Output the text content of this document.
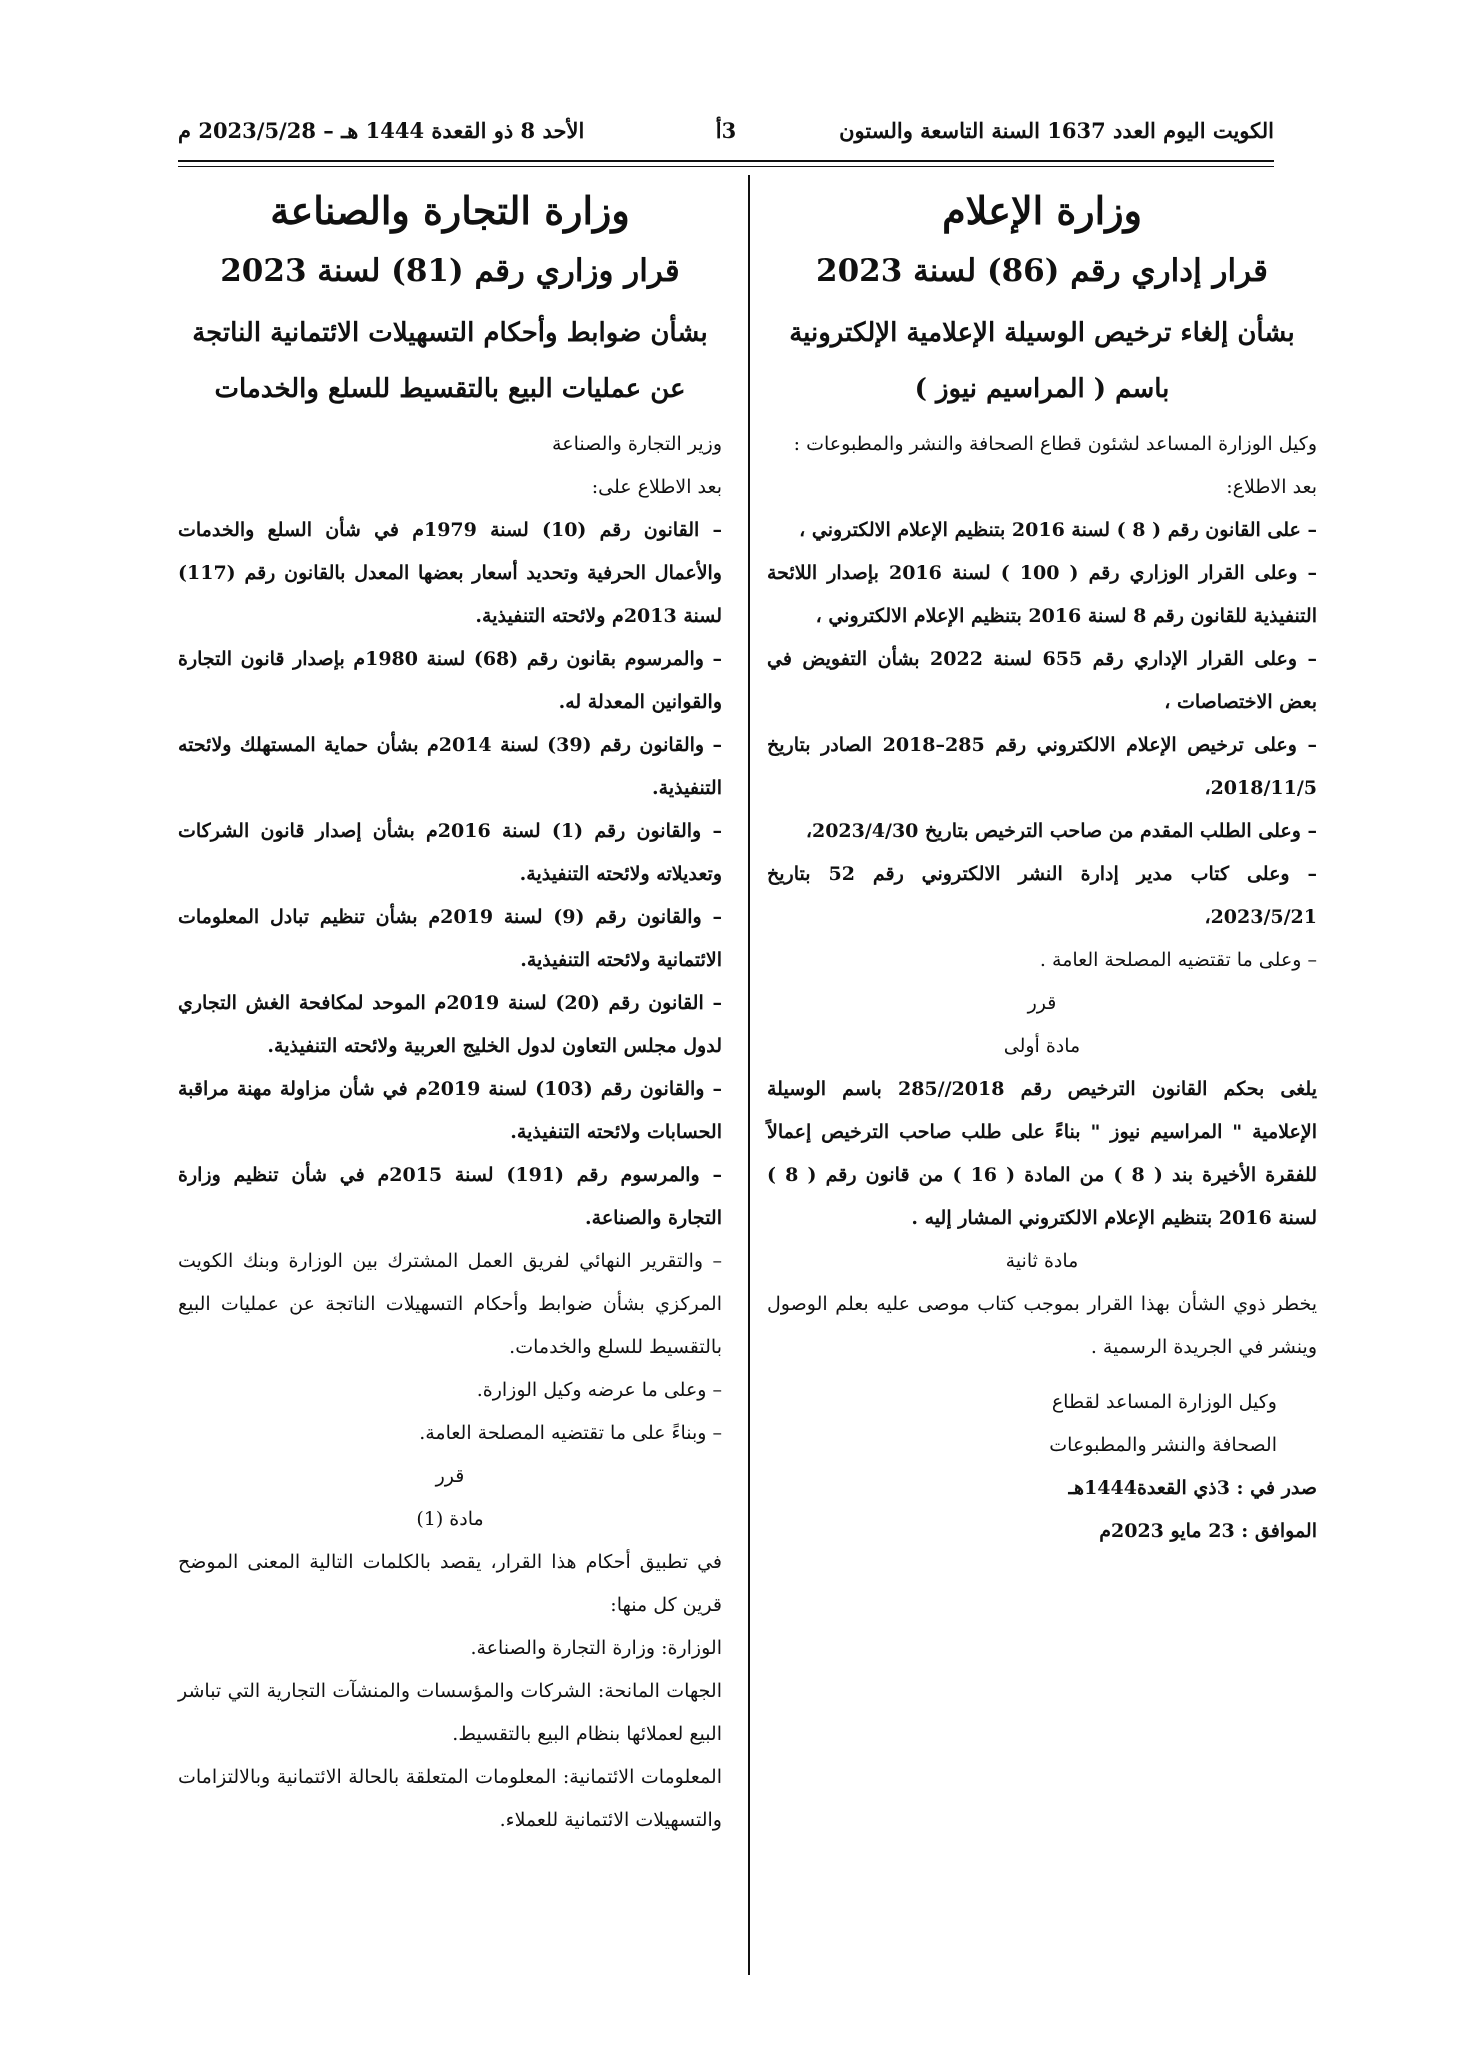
الكويت اليوم العدد 1637 السنة التاسعة والستون
3أ
الأحد 8 ذو القعدة 1444 هـ – 2023/5/28 م
وزارة الإعلام
قرار إداري رقم (86) لسنة 2023
بشأن إلغاء ترخيص الوسيلة الإعلامية الإلكترونية
باسم ( المراسيم نيوز )

وكيل الوزارة المساعد لشئون قطاع الصحافة والنشر والمطبوعات :

بعد الاطلاع:

– على القانون رقم ( 8 ) لسنة 2016 بتنظيم الإعلام الالكتروني ،

– وعلى القرار الوزاري رقم ( 100 ) لسنة 2016 بإصدار اللائحة التنفيذية للقانون رقم 8 لسنة 2016 بتنظيم الإعلام الالكتروني ،

– وعلى القرار الإداري رقم 655 لسنة 2022 بشأن التفويض في بعض الاختصاصات ،

– وعلى ترخيص الإعلام الالكتروني رقم 285–2018 الصادر بتاريخ 2018/11/5،

– وعلى الطلب المقدم من صاحب الترخيص بتاريخ 2023/4/30،

– وعلى كتاب مدير إدارة النشر الالكتروني رقم 52 بتاريخ 2023/5/21،

– وعلى ما تقتضيه المصلحة العامة .

قرر

مادة أولى

يلغى بحكم القانون الترخيص رقم 2018//285 باسم الوسيلة الإعلامية " المراسيم نيوز " بناءً على طلب صاحب الترخيص إعمالاً للفقرة الأخيرة بند ( 8 ) من المادة ( 16 ) من قانون رقم ( 8 ) لسنة 2016 بتنظيم الإعلام الالكتروني المشار إليه .

مادة ثانية

يخطر ذوي الشأن بهذا القرار بموجب كتاب موصى عليه بعلم الوصول وينشر في الجريدة الرسمية .

وكيل الوزارة المساعد لقطاع

الصحافة والنشر والمطبوعات

صدر في : 3ذي القعدة1444هـ

الموافق : 23 مايو 2023م

وزارة التجارة والصناعة
قرار وزاري رقم (81) لسنة 2023
بشأن ضوابط وأحكام التسهيلات الائتمانية الناتجة
عن عمليات البيع بالتقسيط للسلع والخدمات

وزير التجارة والصناعة

بعد الاطلاع على:

– القانون رقم (10) لسنة 1979م في شأن السلع والخدمات والأعمال الحرفية وتحديد أسعار بعضها المعدل بالقانون رقم (117) لسنة 2013م ولائحته التنفيذية.

– والمرسوم بقانون رقم (68) لسنة 1980م بإصدار قانون التجارة والقوانين المعدلة له.

– والقانون رقم (39) لسنة 2014م بشأن حماية المستهلك ولائحته التنفيذية.

– والقانون رقم (1) لسنة 2016م بشأن إصدار قانون الشركات وتعديلاته ولائحته التنفيذية.

– والقانون رقم (9) لسنة 2019م بشأن تنظيم تبادل المعلومات الائتمانية ولائحته التنفيذية.

– القانون رقم (20) لسنة 2019م الموحد لمكافحة الغش التجاري لدول مجلس التعاون لدول الخليج العربية ولائحته التنفيذية.

– والقانون رقم (103) لسنة 2019م في شأن مزاولة مهنة مراقبة الحسابات ولائحته التنفيذية.

– والمرسوم رقم (191) لسنة 2015م في شأن تنظيم وزارة التجارة والصناعة.

– والتقرير النهائي لفريق العمل المشترك بين الوزارة وبنك الكويت المركزي بشأن ضوابط وأحكام التسهيلات الناتجة عن عمليات البيع بالتقسيط للسلع والخدمات.

– وعلى ما عرضه وكيل الوزارة.

– وبناءً على ما تقتضيه المصلحة العامة.

قرر

مادة (1)

في تطبيق أحكام هذا القرار، يقصد بالكلمات التالية المعنى الموضح قرين كل منها:

الوزارة: وزارة التجارة والصناعة.

الجهات المانحة: الشركات والمؤسسات والمنشآت التجارية التي تباشر البيع لعملائها بنظام البيع بالتقسيط.

المعلومات الائتمانية: المعلومات المتعلقة بالحالة الائتمانية وبالالتزامات والتسهيلات الائتمانية للعملاء.
